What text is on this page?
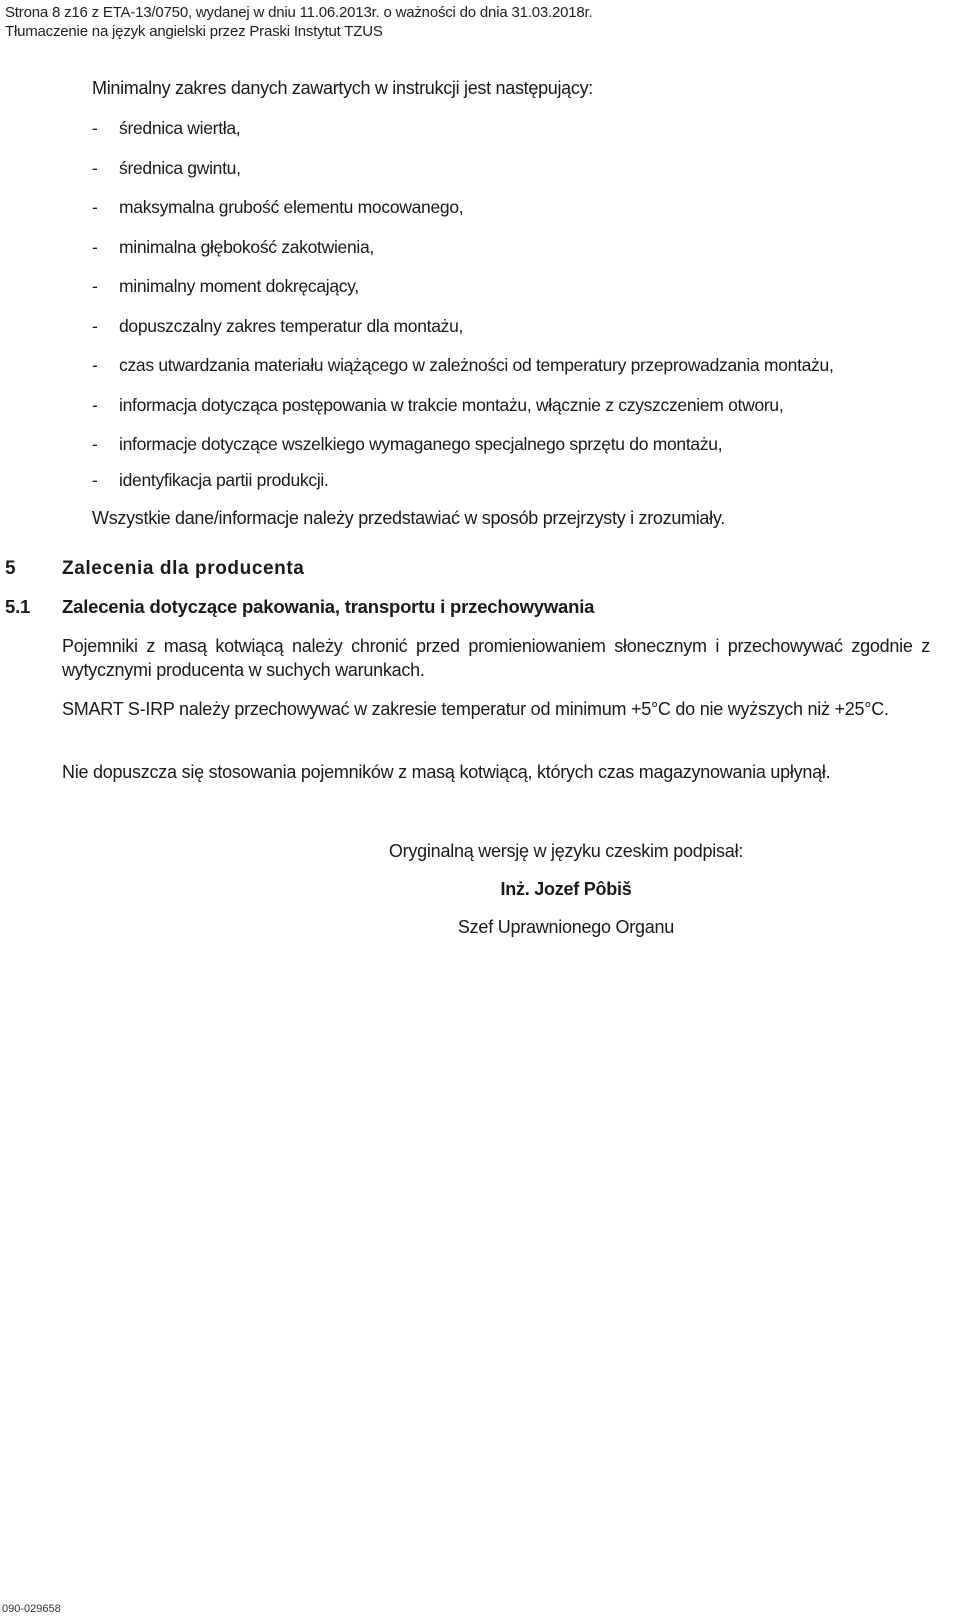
Strona 8 z16 z ETA-13/0750, wydanej w dniu 11.06.2013r. o ważności do dnia 31.03.2018r.
Tłumaczenie na język angielski przez Praski Instytut TZUS

Minimalny zakres danych zawartych w instrukcji jest następujący:

- średnica wiertła,
- średnica gwintu,
- maksymalna grubość elementu mocowanego,
- minimalna głębokość zakotwienia,
- minimalny moment dokręcający,
- dopuszczalny zakres temperatur dla montażu,
- czas utwardzania materiału wiążącego w zależności od temperatury przeprowadzania montażu,
- informacja dotycząca postępowania w trakcie montażu, włącznie z czyszczeniem otworu,
- informacje dotyczące wszelkiego wymaganego specjalnego sprzętu do montażu,
- identyfikacja partii produkcji.

Wszystkie dane/informacje należy przedstawiać w sposób przejrzysty i zrozumiały.

5 Zalecenia dla producenta
5.1 Zalecenia dotyczące pakowania, transportu i przechowywania

Pojemniki z masą kotwiącą należy chronić przed promieniowaniem słonecznym i przechowywać zgodnie z wytycznymi producenta w suchych warunkach.

SMART S-IRP należy przechowywać w zakresie temperatur od minimum +5°C do nie wyższych niż +25°C.

Nie dopuszcza się stosowania pojemników z masą kotwiącą, których czas magazynowania upłynął.

Oryginalną wersję w języku czeskim podpisał:

Inż. Jozef Pôbiš

Szef Uprawnionego Organu

090-029658
